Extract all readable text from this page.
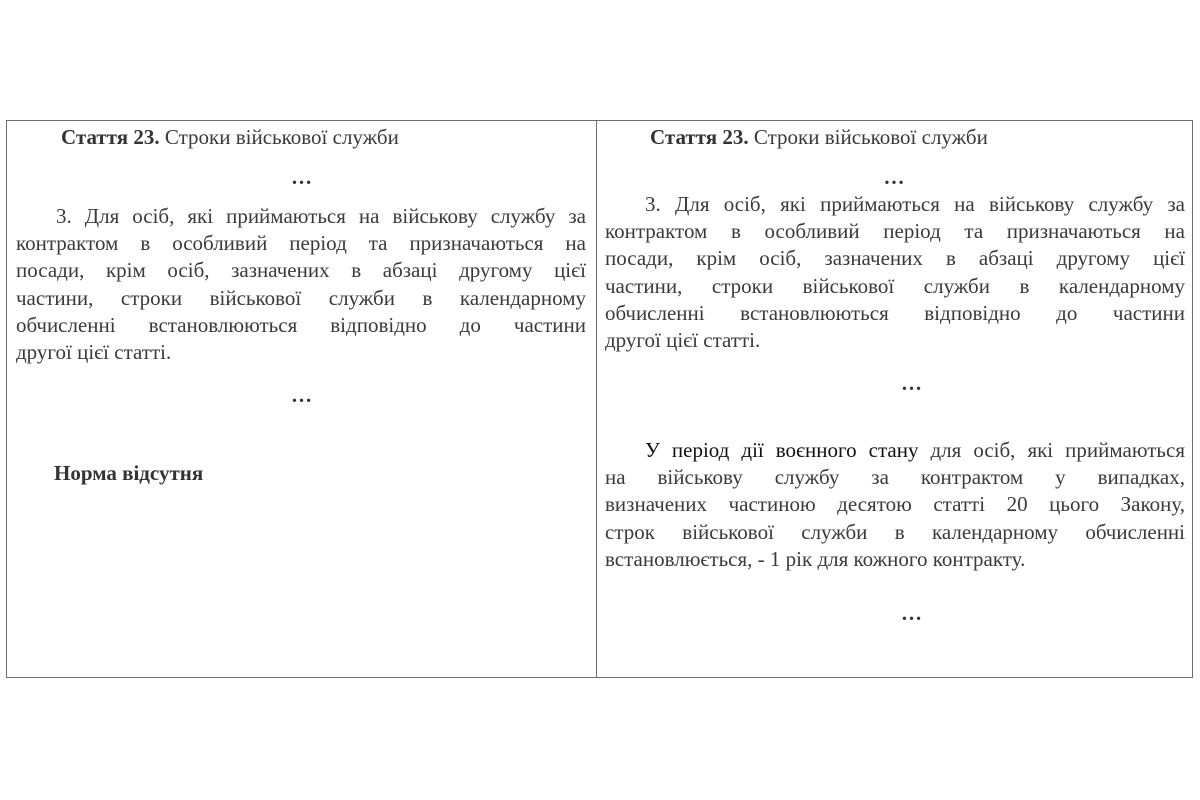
Стаття 23. Строки військової служби
…
3. Для осіб, які приймаються на військову службу за
контрактом в особливий період та призначаються на
посади, крім осіб, зазначених в абзаці другому цієї
частини, строки військової служби в календарному
обчисленні встановлюються відповідно до частини
другої цієї статті.
…
Норма відсутня
Стаття 23. Строки військової служби
…
3. Для осіб, які приймаються на військову службу за
контрактом в особливий період та призначаються на
посади, крім осіб, зазначених в абзаці другому цієї
частини, строки військової служби в календарному
обчисленні встановлюються відповідно до частини
другої цієї статті.
…
У період дії воєнного стану для осіб, які приймаються
на військову службу за контрактом у випадках,
визначених частиною десятою статті 20 цього Закону,
строк військової служби в календарному обчисленні
встановлюється, - 1 рік для кожного контракту.
…
